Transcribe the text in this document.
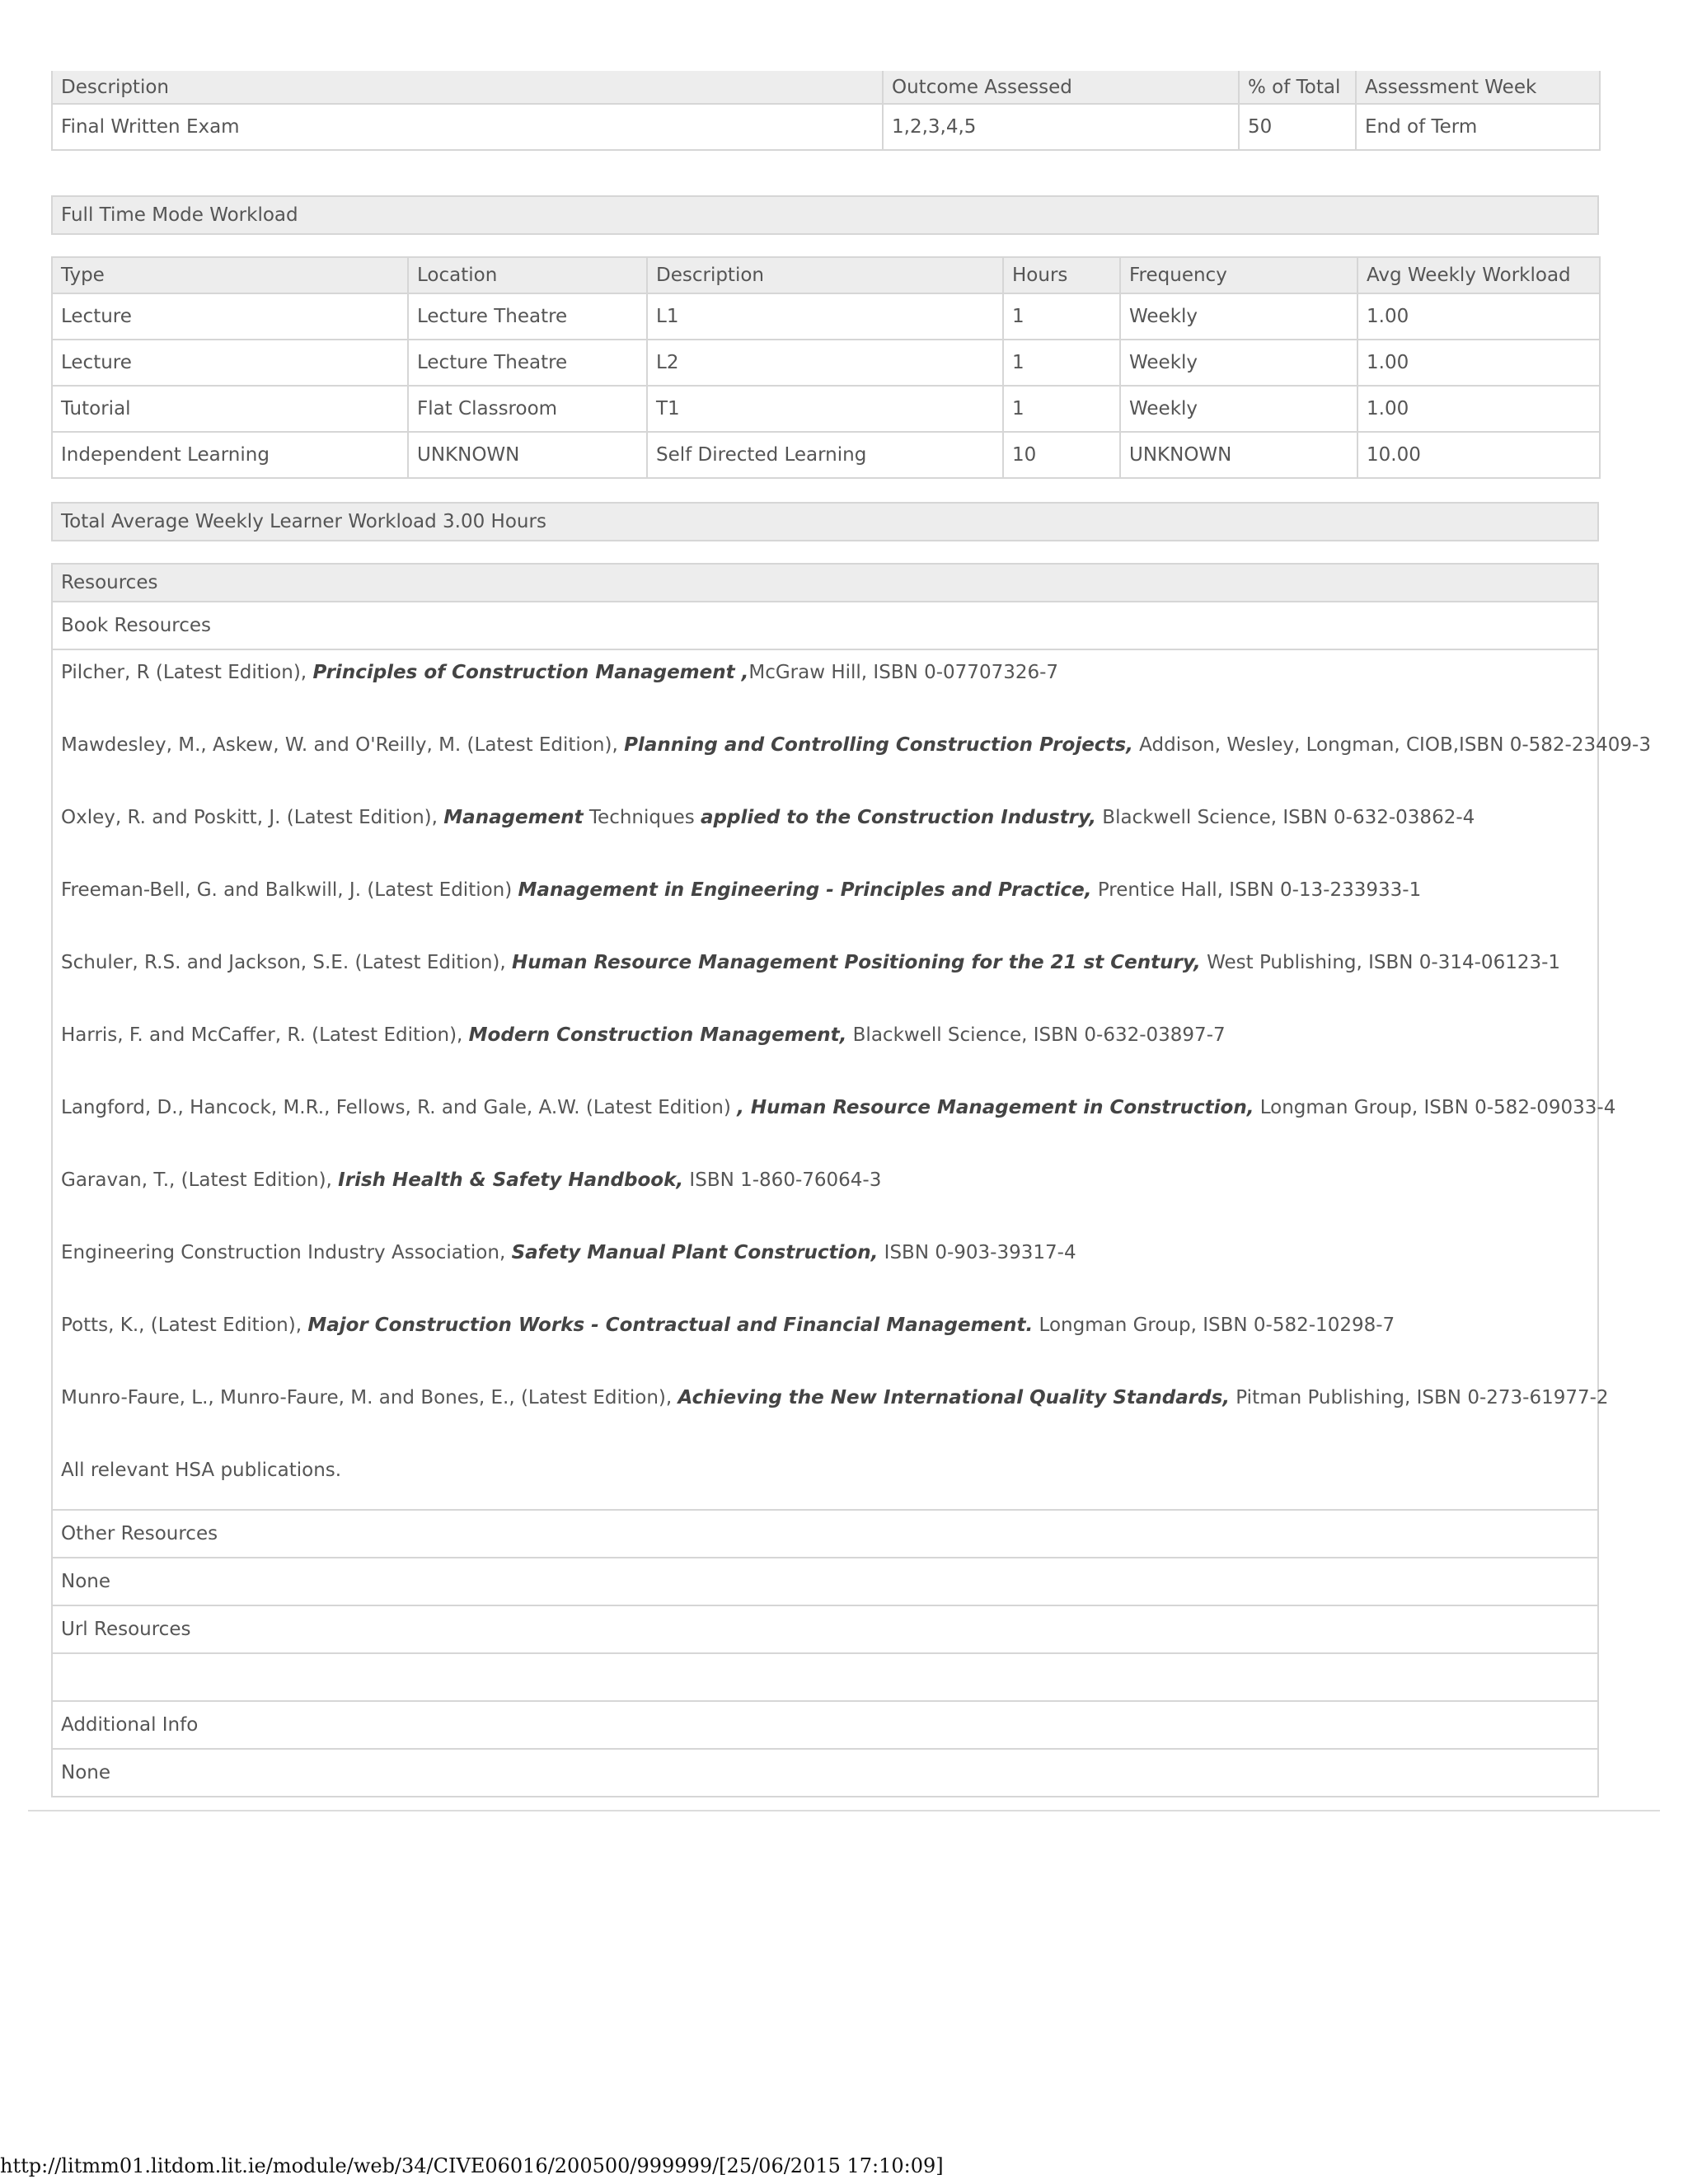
Description	Outcome Assessed	% of Total	Assessment Week
Final Written Exam	1,2,3,4,5	50	End of Term
Full Time Mode Workload
Type	Location	Description	Hours	Frequency	Avg Weekly Workload
Lecture	Lecture Theatre	L1	1	Weekly	1.00
Lecture	Lecture Theatre	L2	1	Weekly	1.00
Tutorial	Flat Classroom	T1	1	Weekly	1.00
Independent Learning	UNKNOWN	Self Directed Learning	10	UNKNOWN	10.00
Total Average Weekly Learner Workload 3.00 Hours
Resources
Book Resources
Pilcher, R (Latest Edition), Principles of Construction Management ,McGraw Hill, ISBN 0-07707326-7
Mawdesley, M., Askew, W. and O'Reilly, M. (Latest Edition), Planning and Controlling Construction Projects, Addison, Wesley, Longman, CIOB,ISBN 0-582-23409-3
Oxley, R. and Poskitt, J. (Latest Edition), Management Techniques applied to the Construction Industry, Blackwell Science, ISBN 0-632-03862-4
Freeman-Bell, G. and Balkwill, J. (Latest Edition) Management in Engineering - Principles and Practice, Prentice Hall, ISBN 0-13-233933-1
Schuler, R.S. and Jackson, S.E. (Latest Edition), Human Resource Management Positioning for the 21 st Century, West Publishing, ISBN 0-314-06123-1
Harris, F. and McCaffer, R. (Latest Edition), Modern Construction Management, Blackwell Science, ISBN 0-632-03897-7
Langford, D., Hancock, M.R., Fellows, R. and Gale, A.W. (Latest Edition) , Human Resource Management in Construction, Longman Group, ISBN 0-582-09033-4
Garavan, T., (Latest Edition), Irish Health & Safety Handbook, ISBN 1-860-76064-3
Engineering Construction Industry Association, Safety Manual Plant Construction, ISBN 0-903-39317-4
Potts, K., (Latest Edition), Major Construction Works - Contractual and Financial Management. Longman Group, ISBN 0-582-10298-7
Munro-Faure, L., Munro-Faure, M. and Bones, E., (Latest Edition), Achieving the New International Quality Standards, Pitman Publishing, ISBN 0-273-61977-2
All relevant HSA publications.
Other Resources
None
Url Resources
Additional Info
None
http://litmm01.litdom.lit.ie/module/web/34/CIVE06016/200500/999999/[25/06/2015 17:10:09]
